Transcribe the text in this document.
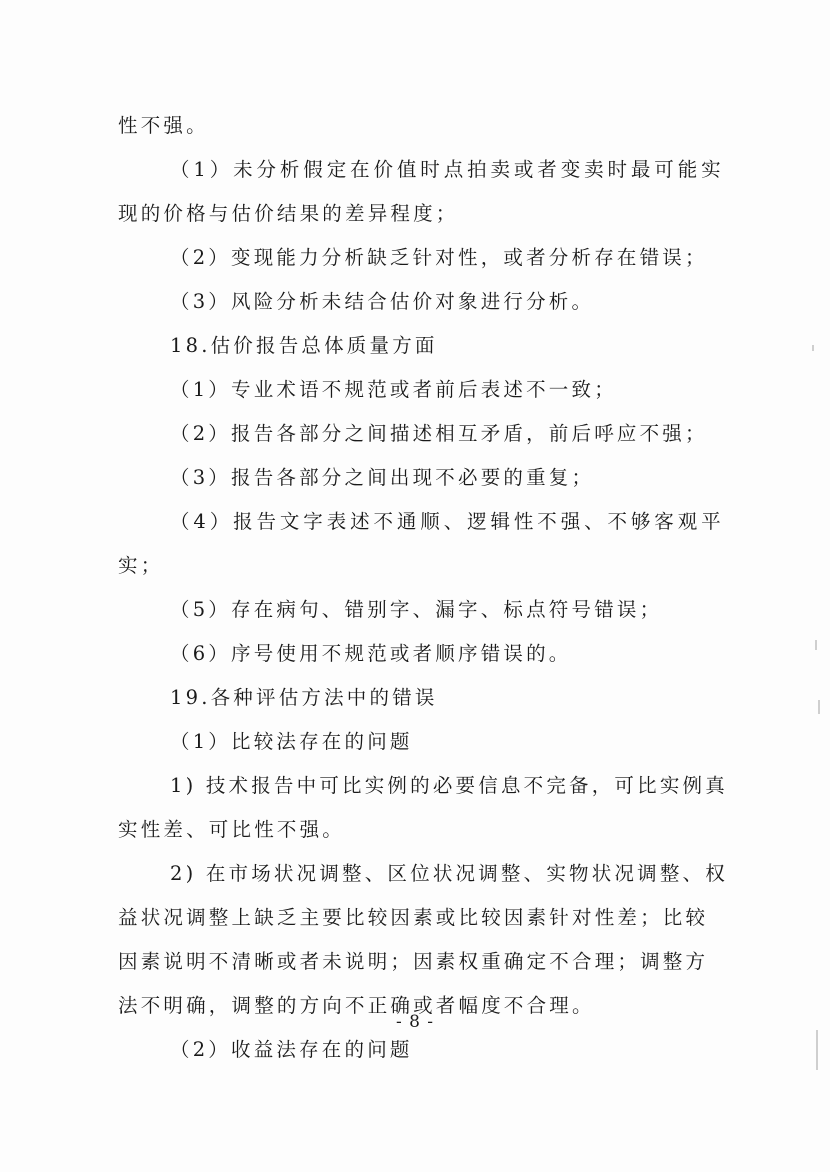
性不强。
（1）未分析假定在价值时点拍卖或者变卖时最可能实
现的价格与估价结果的差异程度；
（2）变现能力分析缺乏针对性，或者分析存在错误；
（3）风险分析未结合估价对象进行分析。
18.估价报告总体质量方面
（1）专业术语不规范或者前后表述不一致；
（2）报告各部分之间描述相互矛盾，前后呼应不强；
（3）报告各部分之间出现不必要的重复；
（4）报告文字表述不通顺、逻辑性不强、不够客观平
实；
（5）存在病句、错别字、漏字、标点符号错误；
（6）序号使用不规范或者顺序错误的。
19.各种评估方法中的错误
（1）比较法存在的问题
1) 技术报告中可比实例的必要信息不完备，可比实例真
实性差、可比性不强。
2) 在市场状况调整、区位状况调整、实物状况调整、权
益状况调整上缺乏主要比较因素或比较因素针对性差；比较
因素说明不清晰或者未说明；因素权重确定不合理；调整方
法不明确，调整的方向不正确或者幅度不合理。
（2）收益法存在的问题
- 8 -
